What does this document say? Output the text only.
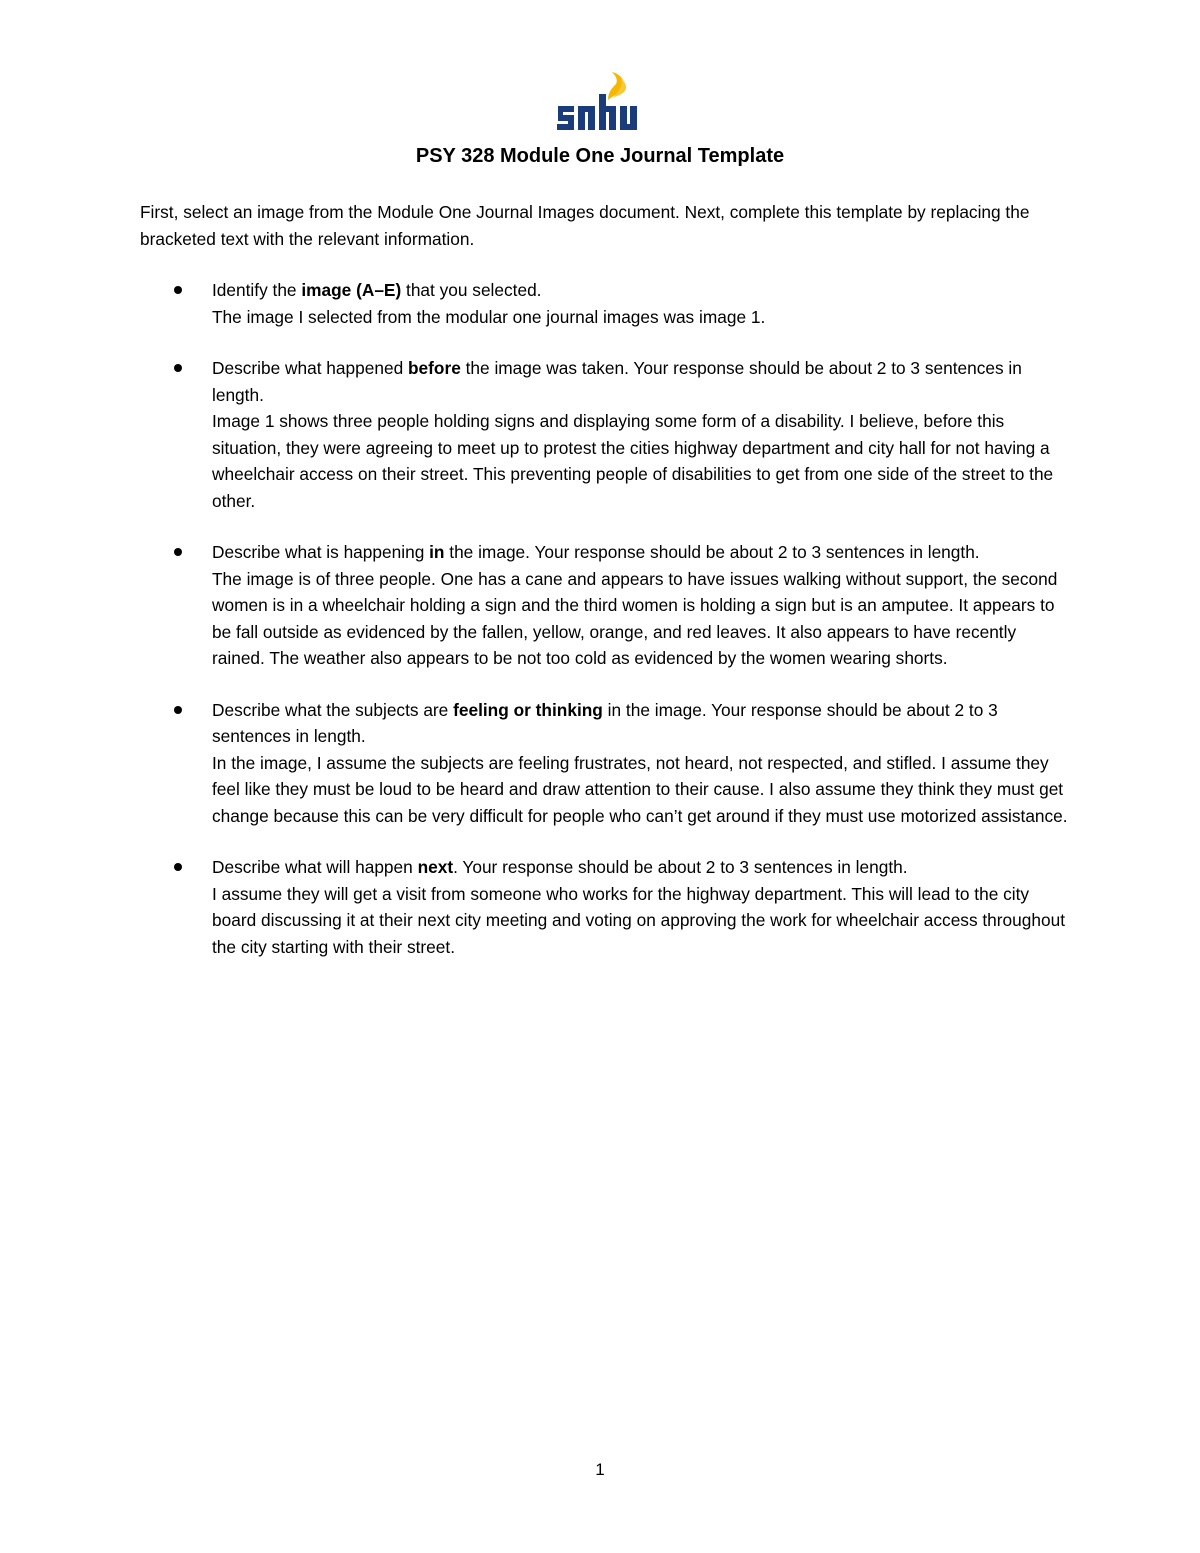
PSY 328 Module One Journal Template
First, select an image from the Module One Journal Images document. Next, complete this template by replacing the bracketed text with the relevant information.
Identify the image (A–E) that you selected.
The image I selected from the modular one journal images was image 1.
Describe what happened before the image was taken. Your response should be about 2 to 3 sentences in length.
Image 1 shows three people holding signs and displaying some form of a disability. I believe, before this situation, they were agreeing to meet up to protest the cities highway department and city hall for not having a wheelchair access on their street. This preventing people of disabilities to get from one side of the street to the other.
Describe what is happening in the image. Your response should be about 2 to 3 sentences in length.
The image is of three people. One has a cane and appears to have issues walking without support, the second women is in a wheelchair holding a sign and the third women is holding a sign but is an amputee. It appears to be fall outside as evidenced by the fallen, yellow, orange, and red leaves. It also appears to have recently rained. The weather also appears to be not too cold as evidenced by the women wearing shorts.
Describe what the subjects are feeling or thinking in the image. Your response should be about 2 to 3 sentences in length.
In the image, I assume the subjects are feeling frustrates, not heard, not respected, and stifled. I assume they feel like they must be loud to be heard and draw attention to their cause. I also assume they think they must get change because this can be very difficult for people who can’t get around if they must use motorized assistance.
Describe what will happen next. Your response should be about 2 to 3 sentences in length.
I assume they will get a visit from someone who works for the highway department. This will lead to the city board discussing it at their next city meeting and voting on approving the work for wheelchair access throughout the city starting with their street.
1
